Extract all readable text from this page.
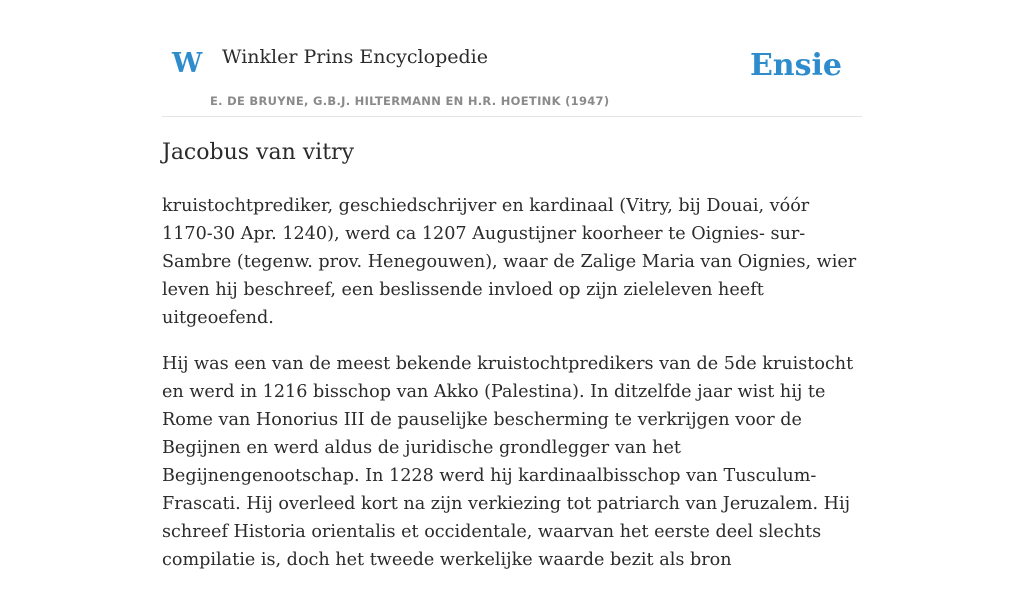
W Winkler Prins Encyclopedie
E. DE BRUYNE, G.B.J. HILTERMANN EN H.R. HOETINK (1947)
Ensie
Jacobus van vitry

kruistochtprediker, geschiedschrijver en kardinaal (Vitry, bij Douai, vóór 1170-30 Apr. 1240), werd ca 1207 Augustijner koorheer te Oignies- sur-Sambre (tegenw. prov. Henegouwen), waar de Zalige Maria van Oignies, wier leven hij beschreef, een beslissende invloed op zijn zieleleven heeft uitgeoefend.

Hij was een van de meest bekende kruistochtpredikers van de 5de kruistocht en werd in 1216 bisschop van Akko (Palestina). In ditzelfde jaar wist hij te Rome van Honorius III de pauselijke bescherming te verkrijgen voor de Begijnen en werd aldus de juridische grondlegger van het Begijnengenootschap. In 1228 werd hij kardinaalbisschop van Tusculum-Frascati. Hij overleed kort na zijn verkiezing tot patriarch van Jeruzalem. Hij schreef Historia orientalis et occidentale, waarvan het eerste deel slechts compilatie is, doch het tweede werkelijke waarde bezit als bron
